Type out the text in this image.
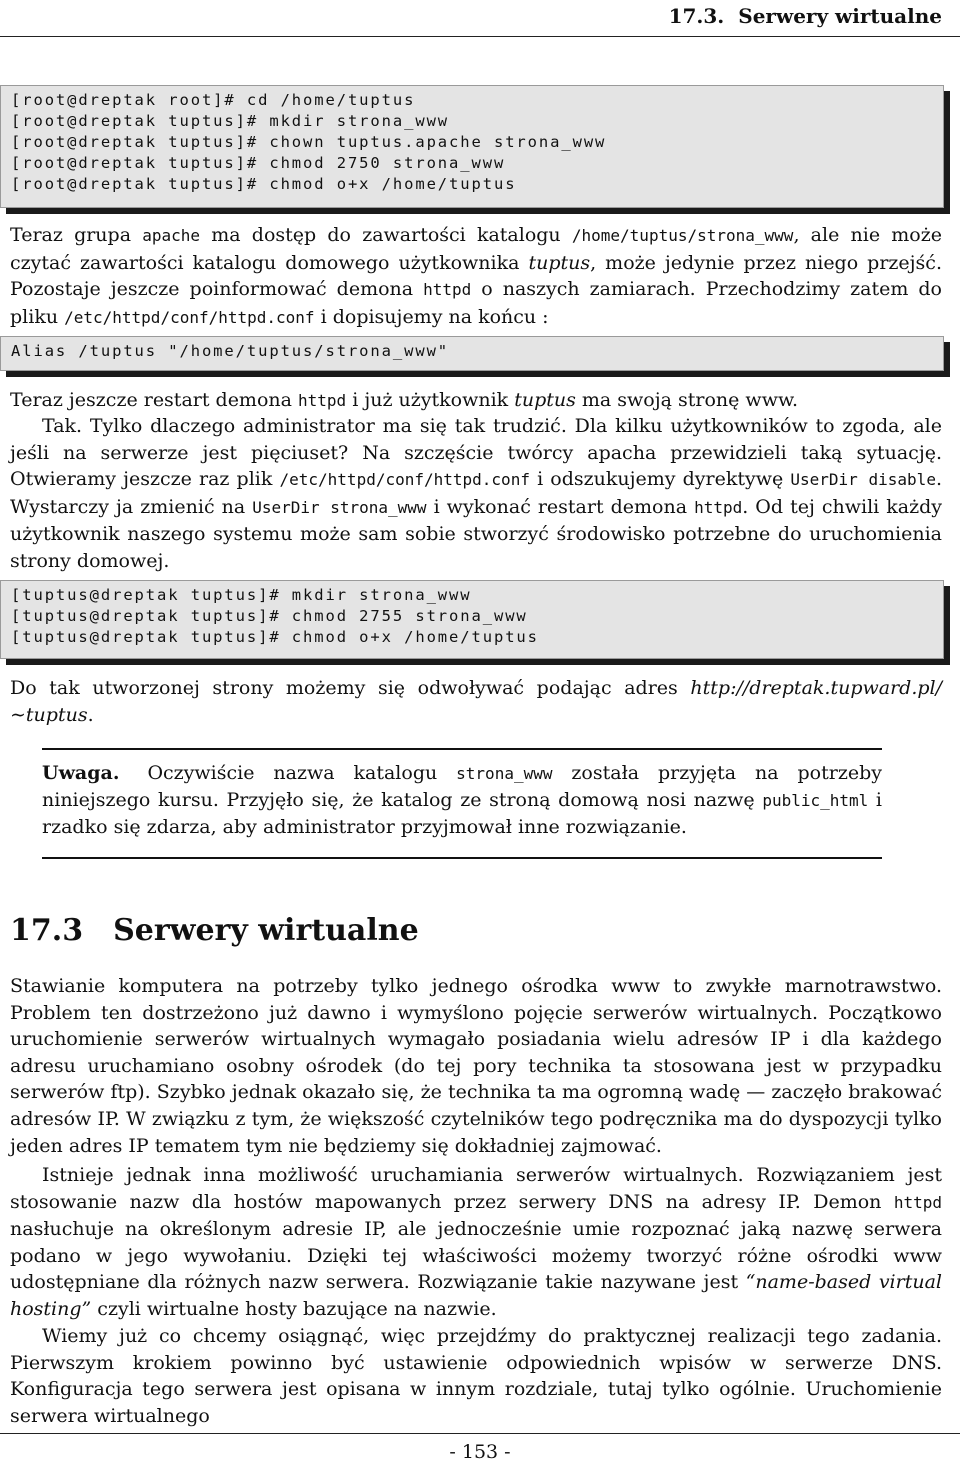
17.3. Serwery wirtualne
[root@dreptak root]# cd /home/tuptus
[root@dreptak tuptus]# mkdir strona_www
[root@dreptak tuptus]# chown tuptus.apache strona_www
[root@dreptak tuptus]# chmod 2750 strona_www
[root@dreptak tuptus]# chmod o+x /home/tuptus

Teraz grupa apache ma dostęp do zawartości katalogu /home/tuptus/strona_www, ale nie może czytać zawartości katalogu domowego użytkownika tuptus, może jedynie przez niego przejść. Pozostaje jeszcze poinformować demona httpd o naszych zamiarach. Przechodzimy zatem do pliku /etc/httpd/conf/httpd.conf i dopisujemy na końcu :

Alias /tuptus "/home/tuptus/strona_www"

Teraz jeszcze restart demona httpd i już użytkownik tuptus ma swoją stronę www.

Tak. Tylko dlaczego administrator ma się tak trudzić. Dla kilku użytkowników to zgoda, ale jeśli na serwerze jest pięciuset? Na szczęście twórcy apacha przewidzieli taką sytuację. Otwieramy jeszcze raz plik /etc/httpd/conf/httpd.conf i odszukujemy dyrektywę UserDir disable. Wystarczy ja zmienić na UserDir strona_www i wykonać restart demona httpd. Od tej chwili każdy użytkownik naszego systemu może sam sobie stworzyć środowisko potrzebne do uruchomienia strony domowej.

[tuptus@dreptak tuptus]# mkdir strona_www
[tuptus@dreptak tuptus]# chmod 2755 strona_www
[tuptus@dreptak tuptus]# chmod o+x /home/tuptus

Do tak utworzonej strony możemy się odwoływać podając adres http://dreptak.tupward.pl/ ∼tuptus.

Uwaga. Oczywiście nazwa katalogu strona_www została przyjęta na potrzeby niniejszego kursu. Przyjęło się, że katalog ze stroną domową nosi nazwę public_html i rzadko się zdarza, aby administrator przyjmował inne rozwiązanie.

17.3 Serwery wirtualne

Stawianie komputera na potrzeby tylko jednego ośrodka www to zwykłe marnotrawstwo. Problem ten dostrzeżono już dawno i wymyślono pojęcie serwerów wirtualnych. Początkowo uruchomienie serwerów wirtualnych wymagało posiadania wielu adresów IP i dla każdego adresu uruchamiano osobny ośrodek (do tej pory technika ta stosowana jest w przypadku serwerów ftp). Szybko jednak okazało się, że technika ta ma ogromną wadę — zaczęło brakować adresów IP. W związku z tym, że większość czytelników tego podręcznika ma do dyspozycji tylko jeden adres IP tematem tym nie będziemy się dokładniej zajmować.

Istnieje jednak inna możliwość uruchamiania serwerów wirtualnych. Rozwiązaniem jest stosowanie nazw dla hostów mapowanych przez serwery DNS na adresy IP. Demon httpd nasłuchuje na określonym adresie IP, ale jednocześnie umie rozpoznać jaką nazwę serwera podano w jego wywołaniu. Dzięki tej właściwości możemy tworzyć różne ośrodki www udostępniane dla różnych nazw serwera. Rozwiązanie takie nazywane jest “name-based virtual hosting” czyli wirtualne hosty bazujące na nazwie.

Wiemy już co chcemy osiągnąć, więc przejdźmy do praktycznej realizacji tego zadania. Pierwszym krokiem powinno być ustawienie odpowiednich wpisów w serwerze DNS. Konfiguracja tego serwera jest opisana w innym rozdziale, tutaj tylko ogólnie. Uruchomienie serwera wirtualnego

- 153 -
